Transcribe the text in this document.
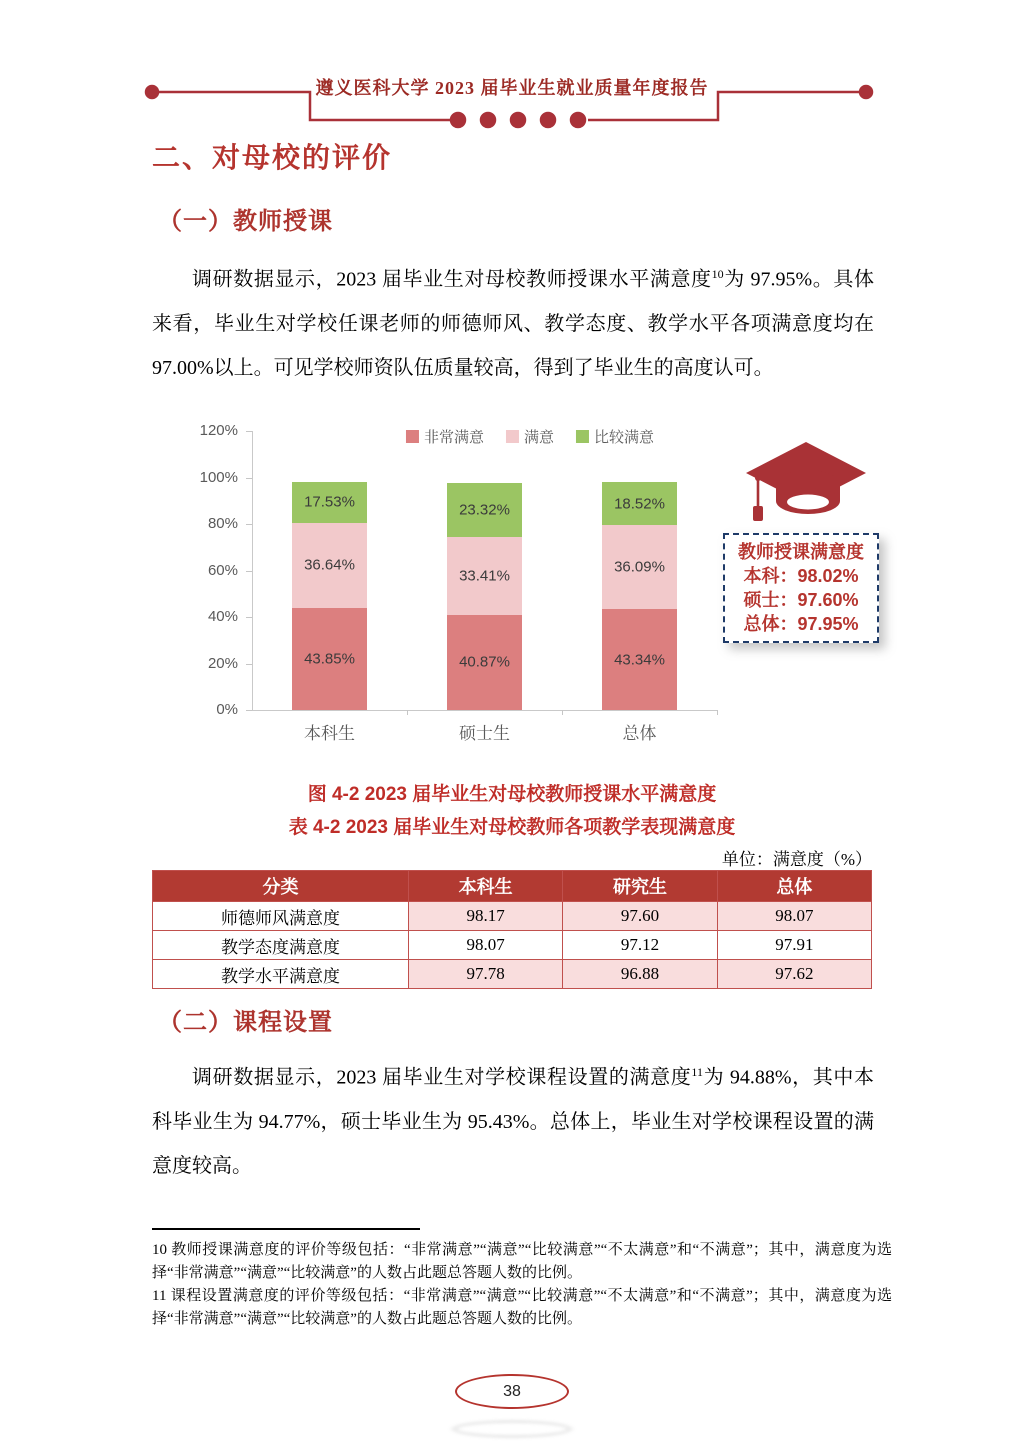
遵义医科大学 2023 届毕业生就业质量年度报告
二、对母校的评价
（一）教师授课

调研数据显示，2023 届毕业生对母校教师授课水平满意度$^{10}$为 97.95%。具体来看，毕业生对学校任课老师的师德师风、教学态度、教学水平各项满意度均在 97.00%以上。可见学校师资队伍质量较高，得到了毕业生的高度认可。

非常满意	满意	比较满意
教师授课满意度
本科：98.02%
硕士：97.60%
总体：97.95%
0%
20%
40%
60%
80%
100%
120%
43.85%
36.64%
17.53%
本科生
40.87%
33.41%
23.32%
硕士生
43.34%
36.09%
18.52%
总体
图 4-2 2023 届毕业生对母校教师授课水平满意度
表 4-2 2023 届毕业生对母校教师各项教学表现满意度
单位：满意度（%）
分类	本科生	研究生	总体
师德师风满意度	98.17	97.60	98.07
教学态度满意度	98.07	97.12	97.91
教学水平满意度	97.78	96.88	97.62
（二）课程设置

调研数据显示，2023 届毕业生对学校课程设置的满意度$^{11}$为 94.88%，其中本科毕业生为 94.77%，硕士毕业生为 95.43%。总体上，毕业生对学校课程设置的满意度较高。

10 教师授课满意度的评价等级包括：“非常满意”“满意”“比较满意”“不太满意”和“不满意”；其中，满意度为选择“非常满意”“满意”“比较满意”的人数占此题总答题人数的比例。
11 课程设置满意度的评价等级包括：“非常满意”“满意”“比较满意”“不太满意”和“不满意”；其中，满意度为选择“非常满意”“满意”“比较满意”的人数占此题总答题人数的比例。
38
